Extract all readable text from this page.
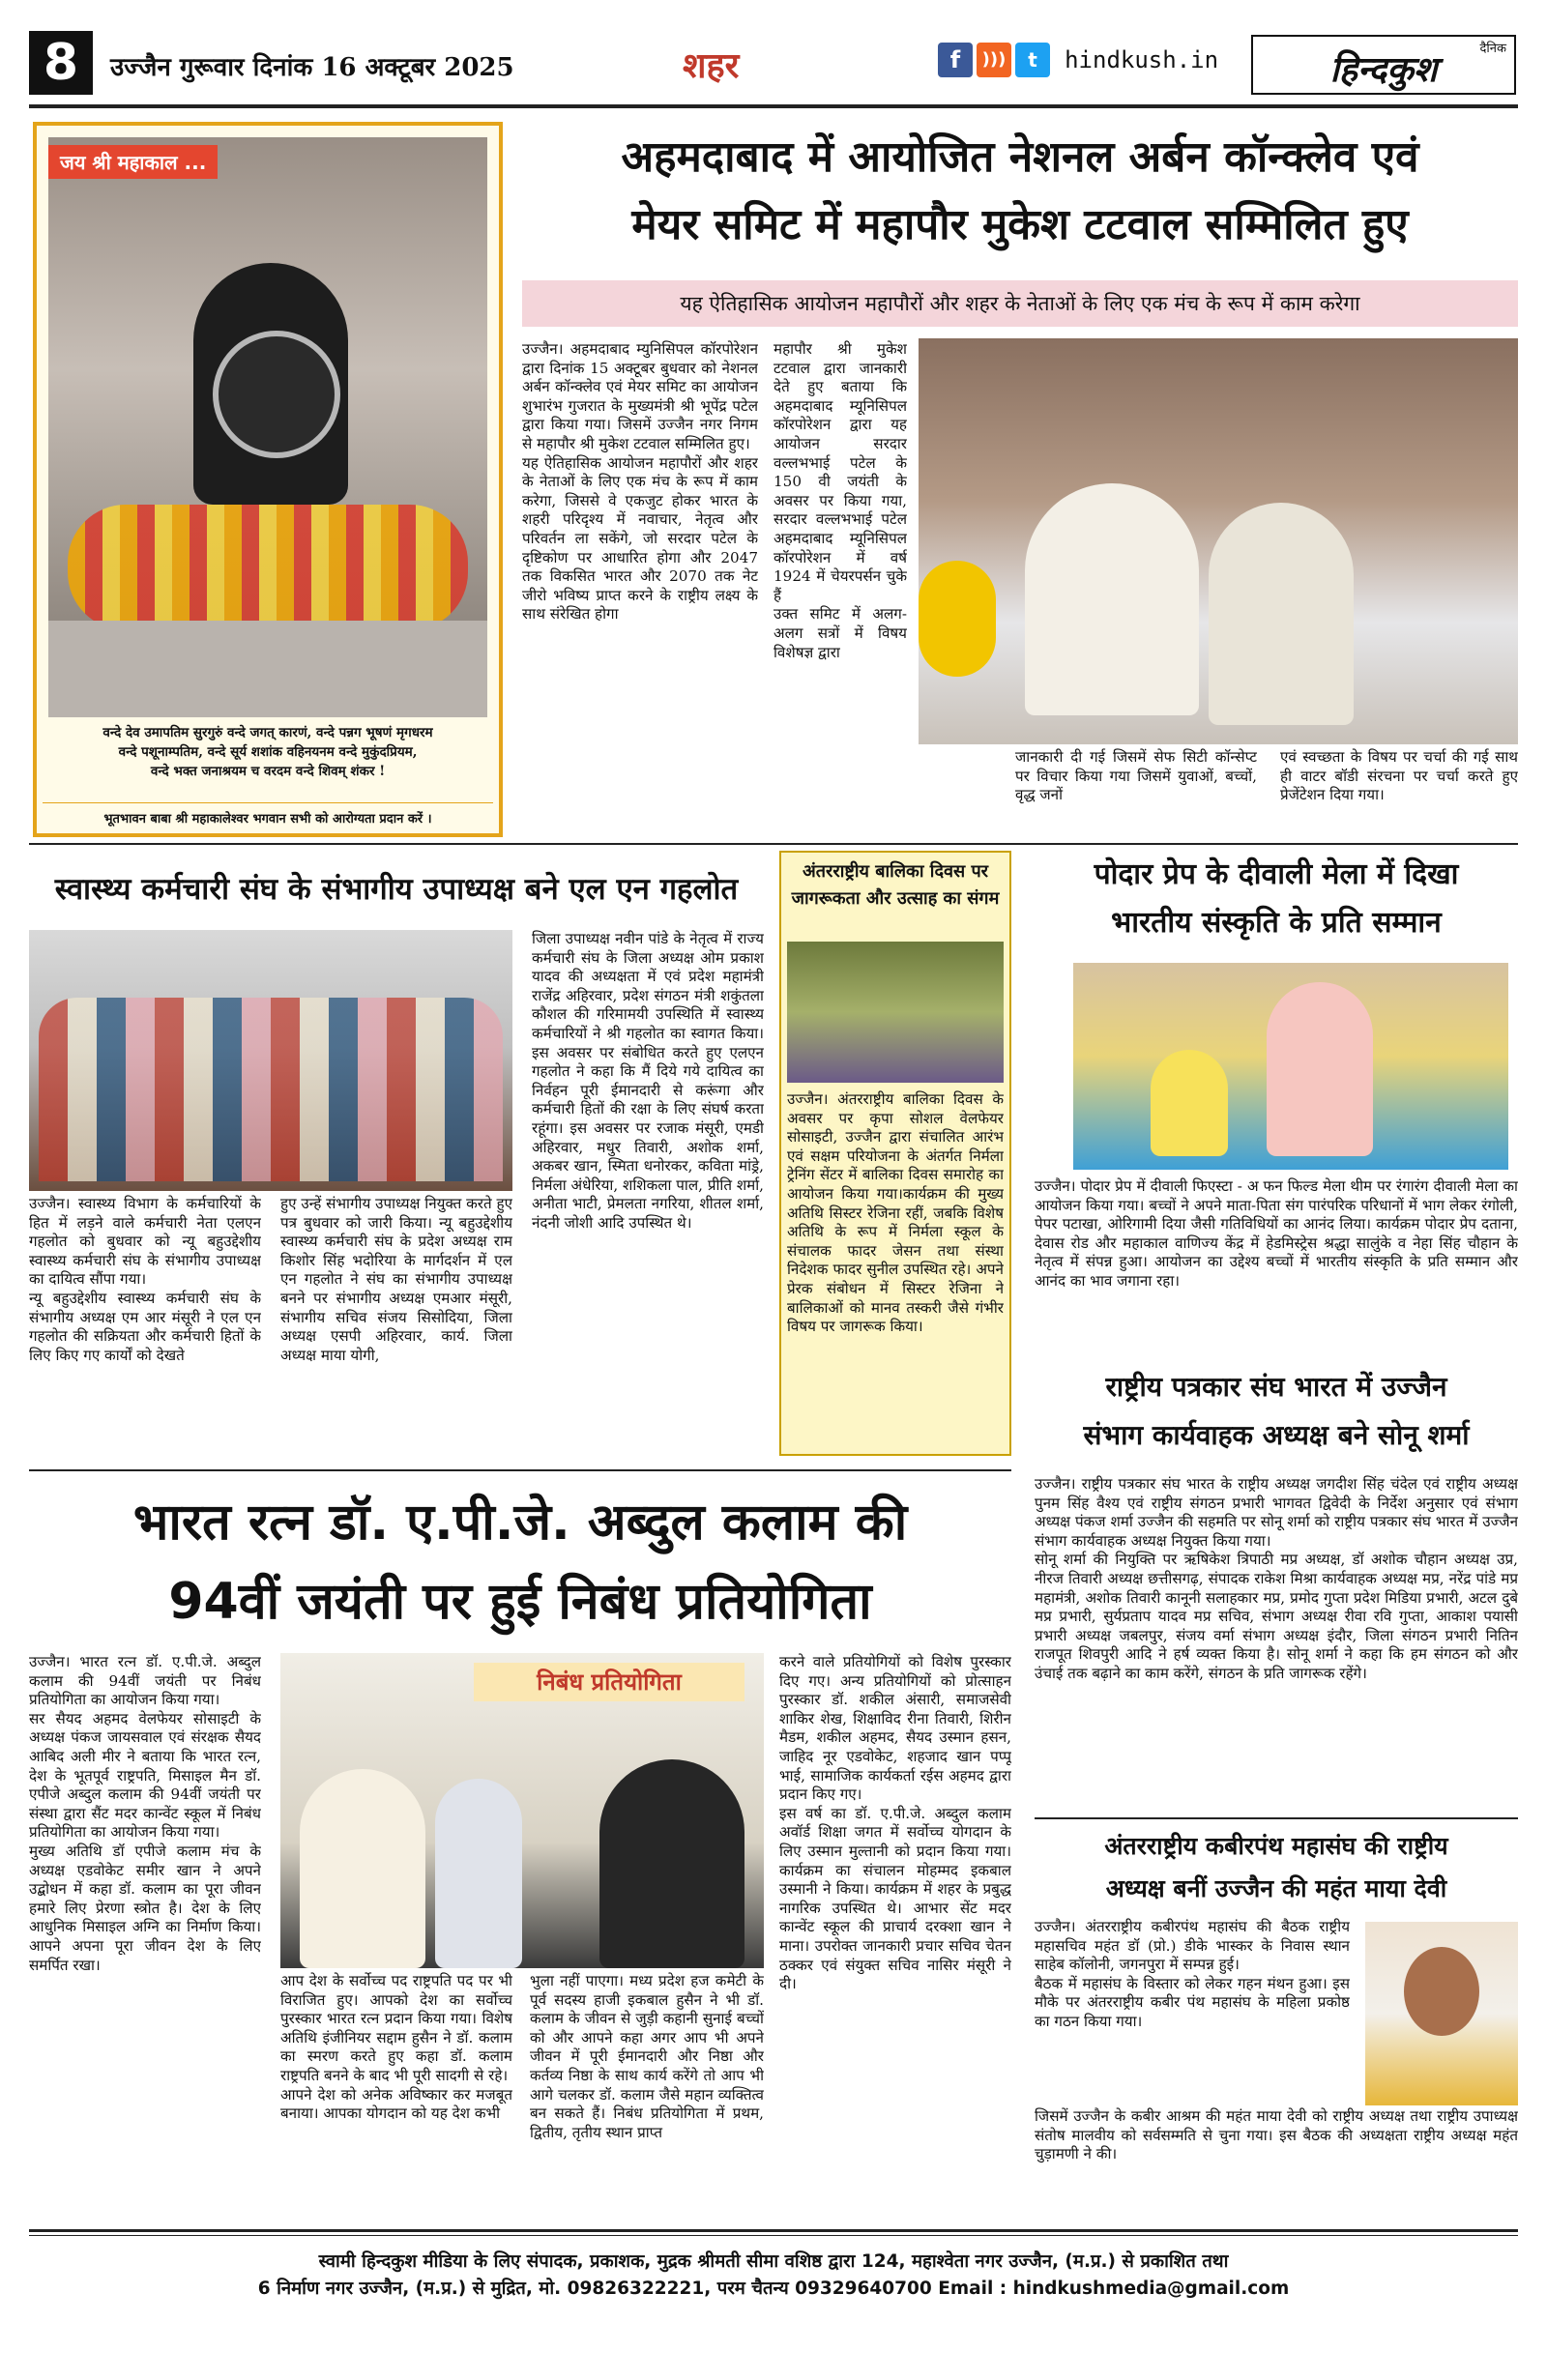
8	उज्जैन गुरूवार दिनांक 16 अक्टूबर 2025	शहर	f ))) t hindkush.in	दैनिक
हिन्दकुश
जय श्री महाकाल ...
वन्दे देव उमापतिम सुरगुरुं वन्दे जगत् कारणं, वन्दे पन्नग भूषणं मृगधरम
वन्दे पशूनाम्पतिम, वन्दे सूर्य शशांक वहिनयनम वन्दे मुकुंदप्रियम,
वन्दे भक्त जनाश्रयम च वरदम वन्दे शिवम् शंकर !
भूतभावन बाबा श्री महाकालेश्वर भगवान सभी को आरोग्यता प्रदान करें ।
अहमदाबाद में आयोजित नेशनल अर्बन कॉन्क्लेव एवं
मेयर समिट में महापौर मुकेश टटवाल सम्मिलित हुए
यह ऐतिहासिक आयोजन महापौरों और शहर के नेताओं के लिए एक मंच के रूप में काम करेगा
उज्जैन। अहमदाबाद म्युनिसिपल कॉरपोरेशन द्वारा दिनांक 15 अक्टूबर बुधवार को नेशनल अर्बन कॉन्क्लेव एवं मेयर समिट का आयोजन शुभारंभ गुजरात के मुख्यमंत्री श्री भूपेंद्र पटेल द्वारा किया गया। जिसमें उज्जैन नगर निगम से महापौर श्री मुकेश टटवाल सम्मिलित हुए।
यह ऐतिहासिक आयोजन महापौरों और शहर के नेताओं के लिए एक मंच के रूप में काम करेगा, जिससे वे एकजुट होकर भारत के शहरी परिदृश्य में नवाचार, नेतृत्व और परिवर्तन ला सकेंगे, जो सरदार पटेल के दृष्टिकोण पर आधारित होगा और 2047 तक विकसित भारत और 2070 तक नेट जीरो भविष्य प्राप्त करने के राष्ट्रीय लक्ष्य के साथ संरेखित होगा
महापौर श्री मुकेश टटवाल द्वारा जानकारी देते हुए बताया कि अहमदाबाद म्यूनिसिपल कॉरपोरेशन द्वारा यह आयोजन सरदार वल्लभभाई पटेल के 150 वी जयंती के अवसर पर किया गया, सरदार वल्लभभाई पटेल अहमदाबाद म्यूनिसिपल कॉरपोरेशन में वर्ष 1924 में चेयरपर्सन चुके हैं
उक्त समिट में अलग-अलग सत्रों में विषय विशेषज्ञ द्वारा
जानकारी दी गई जिसमें सेफ सिटी कॉन्सेप्ट पर विचार किया गया जिसमें युवाओं, बच्चों, वृद्ध जनों
एवं स्वच्छता के विषय पर चर्चा की गई साथ ही वाटर बॉडी संरचना पर चर्चा करते हुए प्रेजेंटेशन दिया गया।
स्वास्थ्य कर्मचारी संघ के संभागीय उपाध्यक्ष बने एल एन गहलोत
उज्जैन। स्वास्थ्य विभाग के कर्मचारियों के हित में लड़ने वाले कर्मचारी नेता एलएन गहलोत को बुधवार को न्यू बहुउद्देशीय स्वास्थ्य कर्मचारी संघ के संभागीय उपाध्यक्ष का दायित्व सौंपा गया।
न्यू बहुउद्देशीय स्वास्थ्य कर्मचारी संघ के संभागीय अध्यक्ष एम आर मंसूरी ने एल एन गहलोत की सक्रियता और कर्मचारी हितों के लिए किए गए कार्यों को देखते
हुए उन्हें संभागीय उपाध्यक्ष नियुक्त करते हुए पत्र बुधवार को जारी किया। न्यू बहुउद्देशीय स्वास्थ्य कर्मचारी संघ के प्रदेश अध्यक्ष राम किशोर सिंह भदोरिया के मार्गदर्शन में एल एन गहलोत ने संघ का संभागीय उपाध्यक्ष बनने पर संभागीय अध्यक्ष एमआर मंसूरी, संभागीय सचिव संजय सिसोदिया, जिला अध्यक्ष एसपी अहिरवार, कार्य. जिला अध्यक्ष माया योगी,
जिला उपाध्यक्ष नवीन पांडे के नेतृत्व में राज्य कर्मचारी संघ के जिला अध्यक्ष ओम प्रकाश यादव की अध्यक्षता में एवं प्रदेश महामंत्री राजेंद्र अहिरवार, प्रदेश संगठन मंत्री शकुंतला कौशल की गरिमामयी उपस्थिति में स्वास्थ्य कर्मचारियों ने श्री गहलोत का स्वागत किया। इस अवसर पर संबोधित करते हुए एलएन गहलोत ने कहा कि मैं दिये गये दायित्व का निर्वहन पूरी ईमानदारी से करूंगा और कर्मचारी हितों की रक्षा के लिए संघर्ष करता रहूंगा। इस अवसर पर रजाक मंसूरी, एमडी अहिरवार, मधुर तिवारी, अशोक शर्मा, अकबर खान, स्मिता धनोरकर, कविता मांड्रे, निर्मला अंधेरिया, शशिकला पाल, प्रीति शर्मा, अनीता भाटी, प्रेमलता नगरिया, शीतल शर्मा, नंदनी जोशी आदि उपस्थित थे।
अंतरराष्ट्रीय बालिका दिवस पर
जागरूकता और उत्साह का संगम
उज्जैन। अंतरराष्ट्रीय बालिका दिवस के अवसर पर कृपा सोशल वेलफेयर सोसाइटी, उज्जैन द्वारा संचालित आरंभ एवं सक्षम परियोजना के अंतर्गत निर्मला ट्रेनिंग सेंटर में बालिका दिवस समारोह का आयोजन किया गया।कार्यक्रम की मुख्य अतिथि सिस्टर रेजिना रहीं, जबकि विशेष अतिथि के रूप में निर्मला स्कूल के संचालक फादर जेसन तथा संस्था निदेशक फादर सुनील उपस्थित रहे। अपने प्रेरक संबोधन में सिस्टर रेजिना ने बालिकाओं को मानव तस्करी जैसे गंभीर विषय पर जागरूक किया।
पोदार प्रेप के दीवाली मेला में दिखा
भारतीय संस्कृति के प्रति सम्मान
उज्जैन। पोदार प्रेप में दीवाली फिएस्टा - अ फन फिल्ड मेला थीम पर रंगारंग दीवाली मेला का आयोजन किया गया। बच्चों ने अपने माता-पिता संग पारंपरिक परिधानों में भाग लेकर रंगोली, पेपर पटाखा, ओरिगामी दिया जैसी गतिविधियों का आनंद लिया। कार्यक्रम पोदार प्रेप दताना, देवास रोड और महाकाल वाणिज्य केंद्र में हेडमिस्ट्रेस श्रद्धा सालुंके व नेहा सिंह चौहान के नेतृत्व में संपन्न हुआ। आयोजन का उद्देश्य बच्चों में भारतीय संस्कृति के प्रति सम्मान और आनंद का भाव जगाना रहा।
राष्ट्रीय पत्रकार संघ भारत में उज्जैन
संभाग कार्यवाहक अध्यक्ष बने सोनू शर्मा
उज्जैन। राष्ट्रीय पत्रकार संघ भारत के राष्ट्रीय अध्यक्ष जगदीश सिंह चंदेल एवं राष्ट्रीय अध्यक्ष पुनम सिंह वैश्य एवं राष्ट्रीय संगठन प्रभारी भागवत द्विवेदी के निर्देश अनुसार एवं संभाग अध्यक्ष पंकज शर्मा उज्जैन की सहमति पर सोनू शर्मा को राष्ट्रीय पत्रकार संघ भारत में उज्जैन संभाग कार्यवाहक अध्यक्ष नियुक्त किया गया।
सोनू शर्मा की नियुक्ति पर ऋषिकेश त्रिपाठी मप्र अध्यक्ष, डॉ अशोक चौहान अध्यक्ष उप्र, नीरज तिवारी अध्यक्ष छत्तीसगढ़, संपादक राकेश मिश्रा कार्यवाहक अध्यक्ष मप्र, नरेंद्र पांडे मप्र महामंत्री, अशोक तिवारी कानूनी सलाहकार मप्र, प्रमोद गुप्ता प्रदेश मिडिया प्रभारी, अटल दुबे मप्र प्रभारी, सुर्यप्रताप यादव मप्र सचिव, संभाग अध्यक्ष रीवा रवि गुप्ता, आकाश पयासी प्रभारी अध्यक्ष जबलपुर, संजय वर्मा संभाग अध्यक्ष इंदौर, जिला संगठन प्रभारी नितिन राजपूत शिवपुरी आदि ने हर्ष व्यक्त किया है। सोनू शर्मा ने कहा कि हम संगठन को और उंचाई तक बढ़ाने का काम करेंगे, संगठन के प्रति जागरूक रहेंगे।
भारत रत्न डॉ. ए.पी.जे. अब्दुल कलाम की
94वीं जयंती पर हुई निबंध प्रतियोगिता
उज्जैन। भारत रत्न डॉ. ए.पी.जे. अब्दुल कलाम की 94वीं जयंती पर निबंध प्रतियोगिता का आयोजन किया गया।
सर सैयद अहमद वेलफेयर सोसाइटी के अध्यक्ष पंकज जायसवाल एवं संरक्षक सैयद आबिद अली मीर ने बताया कि भारत रत्न, देश के भूतपूर्व राष्ट्रपति, मिसाइल मैन डॉ. एपीजे अब्दुल कलाम की 94वीं जयंती पर संस्था द्वारा सैंट मदर कान्वेंट स्कूल में निबंध प्रतियोगिता का आयोजन किया गया।
मुख्य अतिथि डॉ एपीजे कलाम मंच के अध्यक्ष एडवोकेट समीर खान ने अपने उद्बोधन में कहा डॉ. कलाम का पूरा जीवन हमारे लिए प्रेरणा स्त्रोत है। देश के लिए आधुनिक मिसाइल अग्नि का निर्माण किया। आपने अपना पूरा जीवन देश के लिए समर्पित रखा।
निबंध प्रतियोगिता
आप देश के सर्वोच्च पद राष्ट्रपति पद पर भी विराजित हुए। आपको देश का सर्वोच्च पुरस्कार भारत रत्न प्रदान किया गया। विशेष अतिथि इंजीनियर सद्दाम हुसैन ने डॉ. कलाम का स्मरण करते हुए कहा डॉ. कलाम राष्ट्रपति बनने के बाद भी पूरी सादगी से रहे।
आपने देश को अनेक अविष्कार कर मजबूत बनाया। आपका योगदान को यह देश कभी
भुला नहीं पाएगा। मध्य प्रदेश हज कमेटी के पूर्व सदस्य हाजी इकबाल हुसैन ने भी डॉ. कलाम के जीवन से जुड़ी कहानी सुनाई बच्चों को और आपने कहा अगर आप भी अपने जीवन में पूरी ईमानदारी और निष्ठा और कर्तव्य निष्ठा के साथ कार्य करेंगे तो आप भी आगे चलकर डॉ. कलाम जैसे महान व्यक्तित्व बन सकते हैं। निबंध प्रतियोगिता में प्रथम, द्वितीय, तृतीय स्थान प्राप्त
करने वाले प्रतियोगियों को विशेष पुरस्कार दिए गए। अन्य प्रतियोगियों को प्रोत्साहन पुरस्कार डॉ. शकील अंसारी, समाजसेवी शाकिर शेख, शिक्षाविद रीना तिवारी, शिरीन मैडम, शकील अहमद, सैयद उस्मान हसन, जाहिद नूर एडवोकेट, शहजाद खान पप्पू भाई, सामाजिक कार्यकर्ता रईस अहमद द्वारा प्रदान किए गए।
इस वर्ष का डॉ. ए.पी.जे. अब्दुल कलाम अवॉर्ड शिक्षा जगत में सर्वोच्च योगदान के लिए उस्मान मुल्तानी को प्रदान किया गया। कार्यक्रम का संचालन मोहम्मद इकबाल उस्मानी ने किया। कार्यक्रम में शहर के प्रबुद्ध नागरिक उपस्थित थे। आभार सेंट मदर कान्वेंट स्कूल की प्राचार्य दरक्शा खान ने माना। उपरोक्त जानकारी प्रचार सचिव चेतन ठक्कर एवं संयुक्त सचिव नासिर मंसूरी ने दी।
अंतरराष्ट्रीय कबीरपंथ महासंघ की राष्ट्रीय
अध्यक्ष बनीं उज्जैन की महंत माया देवी
उज्जैन। अंतरराष्ट्रीय कबीरपंथ महासंघ की बैठक राष्ट्रीय महासचिव महंत डॉ (प्रो.) डीके भास्कर के निवास स्थान साहेब कॉलोनी, जगनपुरा में सम्पन्न हुई।
बैठक में महासंघ के विस्तार को लेकर गहन मंथन हुआ। इस मौके पर अंतरराष्ट्रीय कबीर पंथ महासंघ के महिला प्रकोष्ठ का गठन किया गया।
जिसमें उज्जैन के कबीर आश्रम की महंत माया देवी को राष्ट्रीय अध्यक्ष तथा राष्ट्रीय उपाध्यक्ष संतोष मालवीय को सर्वसम्मति से चुना गया। इस बैठक की अध्यक्षता राष्ट्रीय अध्यक्ष महंत चुड़ामणी ने की।
स्वामी हिन्दकुश मीडिया के लिए संपादक, प्रकाशक, मुद्रक श्रीमती सीमा वशिष्ठ द्वारा 124, महाश्वेता नगर उज्जैन, (म.प्र.) से प्रकाशित तथा
6 निर्माण नगर उज्जैन, (म.प्र.) से मुद्रित, मो. 09826322221, परम चैतन्य 09329640700 Email : hindkushmedia@gmail.com
